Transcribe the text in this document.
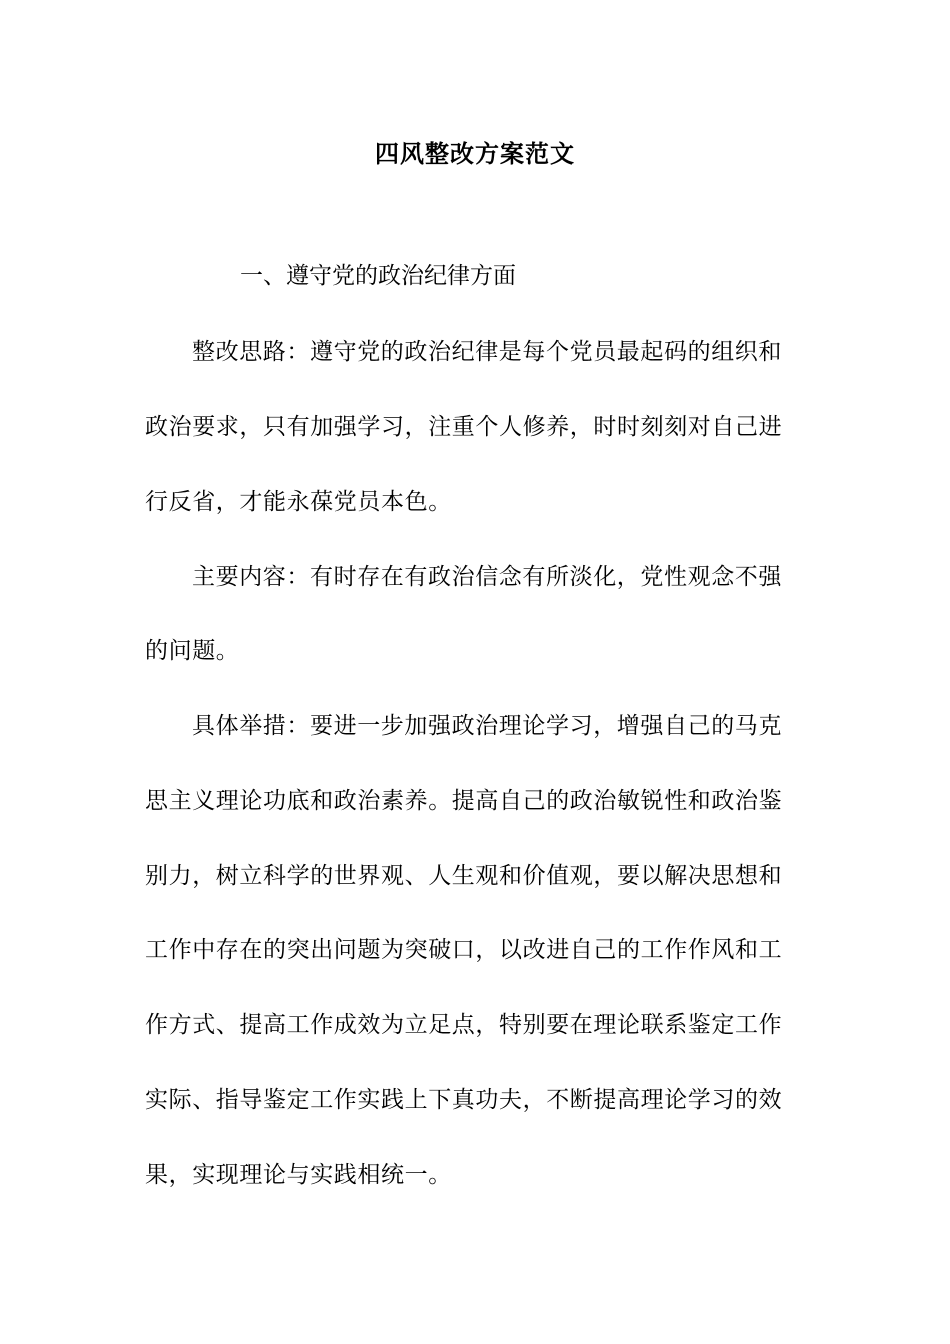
四风整改方案范文
一、遵守党的政治纪律方面
整改思路：遵守党的政治纪律是每个党员最起码的组织和
政治要求，只有加强学习，注重个人修养，时时刻刻对自己进
行反省，才能永葆党员本色。
主要内容：有时存在有政治信念有所淡化，党性观念不强
的问题。
具体举措：要进一步加强政治理论学习，增强自己的马克
思主义理论功底和政治素养。提高自己的政治敏锐性和政治鉴
别力，树立科学的世界观、人生观和价值观，要以解决思想和
工作中存在的突出问题为突破口，以改进自己的工作作风和工
作方式、提高工作成效为立足点，特别要在理论联系鉴定工作
实际、指导鉴定工作实践上下真功夫，不断提高理论学习的效
果，实现理论与实践相统一。
